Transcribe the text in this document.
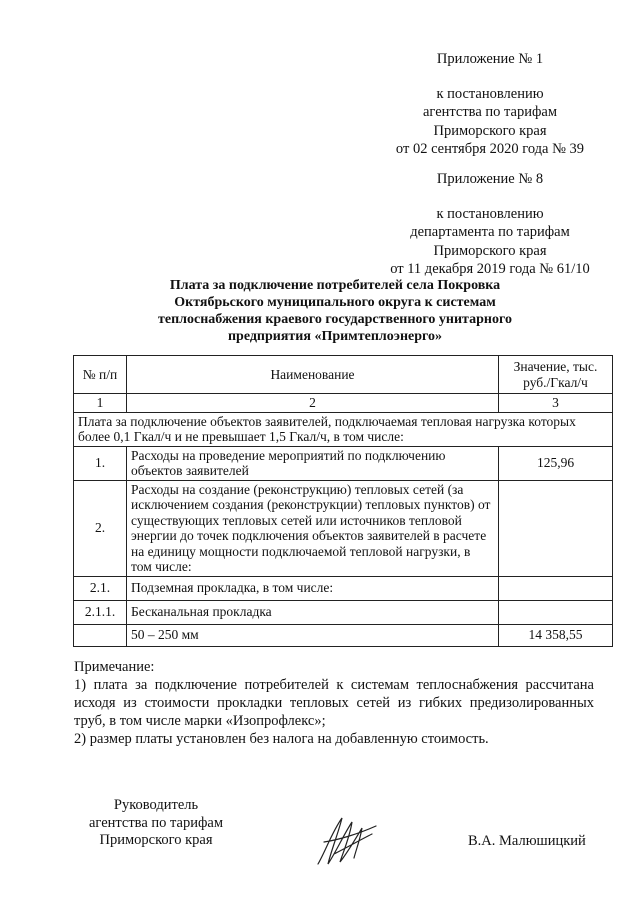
Приложение № 1
к постановлению
агентства по тарифам
Приморского края
от 02 сентября 2020 года № 39
Приложение № 8
к постановлению
департамента по тарифам
Приморского края
от 11 декабря 2019 года № 61/10
Плата за подключение потребителей села Покровка
Октябрьского муниципального округа к системам
теплоснабжения краевого государственного унитарного
предприятия «Примтеплоэнерго»
№ п/п	Наименование	Значение, тыс. руб./Гкал/ч
1	2	3
Плата за подключение объектов заявителей, подключаемая тепловая нагрузка которых более 0,1 Гкал/ч и не превышает 1,5 Гкал/ч, в том числе:		
1.	Расходы на проведение мероприятий по подключению объектов заявителей	125,96
2.	Расходы на создание (реконструкцию) тепловых сетей (за исключением создания (реконструкции) тепловых пунктов) от существующих тепловых сетей или источников тепловой энергии до точек подключения объектов заявителей в расчете на единицу мощности подключаемой тепловой нагрузки, в том числе:	
2.1.	Подземная прокладка, в том числе:	
2.1.1.	Бесканальная прокладка	
	50 – 250 мм	14 358,55
Примечание:
1) плата за подключение потребителей к системам теплоснабжения рассчитана исходя из стоимости прокладки тепловых сетей из гибких предизолированных труб, в том числе марки «Изопрофлекс»;
2) размер платы установлен без налога на добавленную стоимость.
Руководитель
агентства по тарифам
Приморского края	В.А. Малюшицкий
